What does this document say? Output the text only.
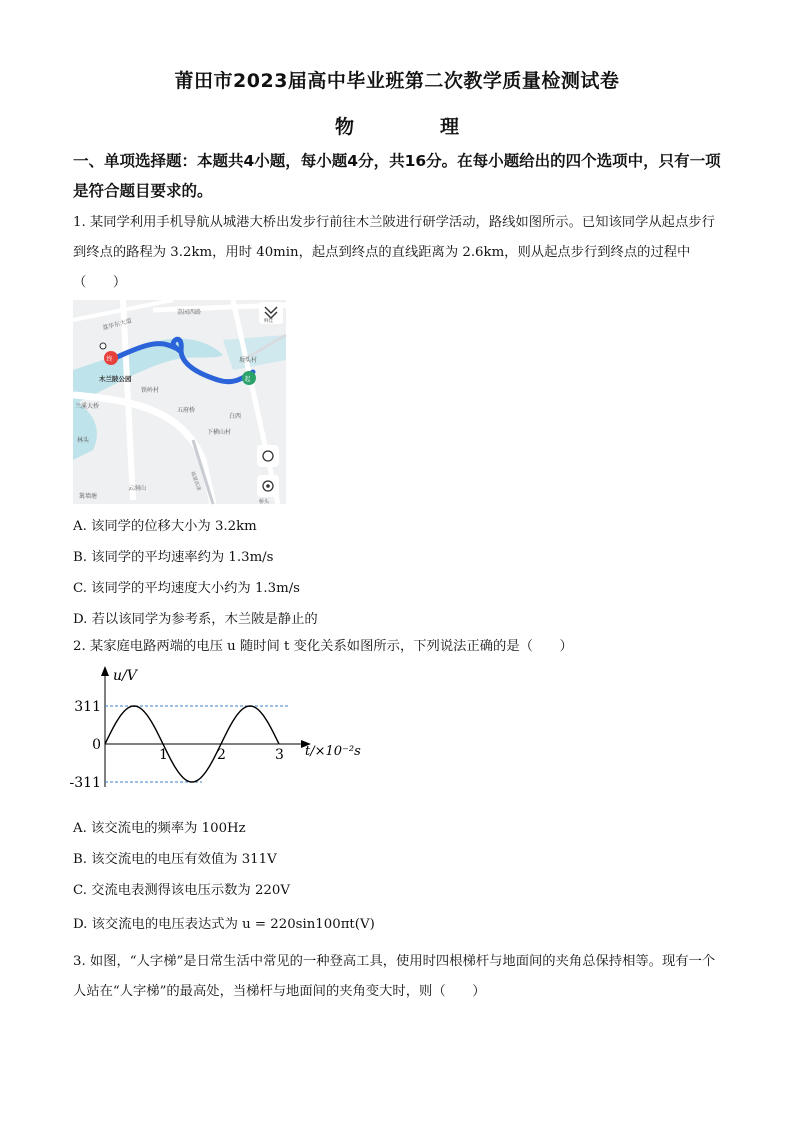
莆田市2023届高中毕业班第二次教学质量检测试卷
物	理
一、单项选择题：本题共4小题，每小题4分，共16分。在每小题给出的四个选项中，只有一项是符合题目要求的。
1. 某同学利用手机导航从城港大桥出发步行前往木兰陂进行研学活动，路线如图所示。已知该同学从起点步行到终点的路程为 3.2km，用时 40min，起点到终点的直线距离为 2.6km，则从起点步行到终点的过程中（　　）
荔园西路
荔华东大道
木兰陂公园
铁岭村
五府桥
下横山村
白西
坂头村
兰溪大桥
林头
云洞山
篱墙塘
福厦高速
终
起
鲜佳
桥头
A. 该同学的位移大小为 3.2km
B. 该同学的平均速率约为 1.3m/s
C. 该同学的平均速度大小约为 1.3m/s
D. 若以该同学为参考系，木兰陂是静止的
2. 某家庭电路两端的电压 u 随时间 t 变化关系如图所示，下列说法正确的是（　　）
u/V
t/×10⁻²s
311
0
-311
1	2	3
A. 该交流电的频率为 100Hz
B. 该交流电的电压有效值为 311V
C. 交流电表测得该电压示数为 220V
D. 该交流电的电压表达式为 u = 220sin100πt(V)
3. 如图，“人字梯”是日常生活中常见的一种登高工具，使用时四根梯杆与地面间的夹角总保持相等。现有一个人站在“人字梯”的最高处，当梯杆与地面间的夹角变大时，则（　　）
